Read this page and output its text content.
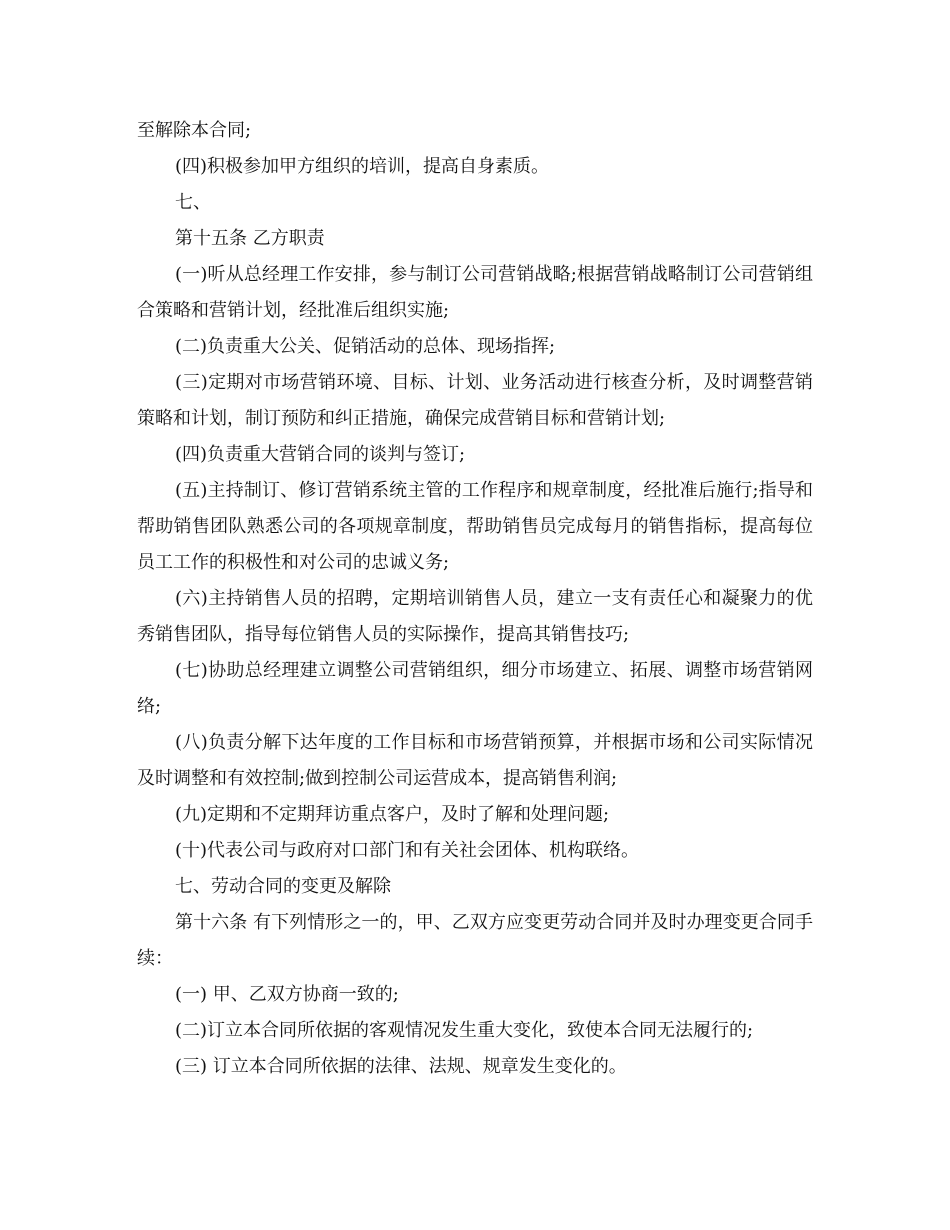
至解除本合同;

(四)积极参加甲方组织的培训，提高自身素质。

七、

第十五条 乙方职责

(一)听从总经理工作安排，参与制订公司营销战略;根据营销战略制订公司营销组合策略和营销计划，经批准后组织实施;

(二)负责重大公关、促销活动的总体、现场指挥;

(三)定期对市场营销环境、目标、计划、业务活动进行核查分析，及时调整营销策略和计划，制订预防和纠正措施，确保完成营销目标和营销计划;

(四)负责重大营销合同的谈判与签订;

(五)主持制订、修订营销系统主管的工作程序和规章制度，经批准后施行;指导和帮助销售团队熟悉公司的各项规章制度，帮助销售员完成每月的销售指标，提高每位员工工作的积极性和对公司的忠诚义务;

(六)主持销售人员的招聘，定期培训销售人员，建立一支有责任心和凝聚力的优秀销售团队，指导每位销售人员的实际操作，提高其销售技巧;

(七)协助总经理建立调整公司营销组织，细分市场建立、拓展、调整市场营销网络;

(八)负责分解下达年度的工作目标和市场营销预算，并根据市场和公司实际情况及时调整和有效控制;做到控制公司运营成本，提高销售利润;

(九)定期和不定期拜访重点客户，及时了解和处理问题;

(十)代表公司与政府对口部门和有关社会团体、机构联络。

七、劳动合同的变更及解除

第十六条 有下列情形之一的，甲、乙双方应变更劳动合同并及时办理变更合同手续：

(一) 甲、乙双方协商一致的;

(二)订立本合同所依据的客观情况发生重大变化，致使本合同无法履行的;

(三) 订立本合同所依据的法律、法规、规章发生变化的。
